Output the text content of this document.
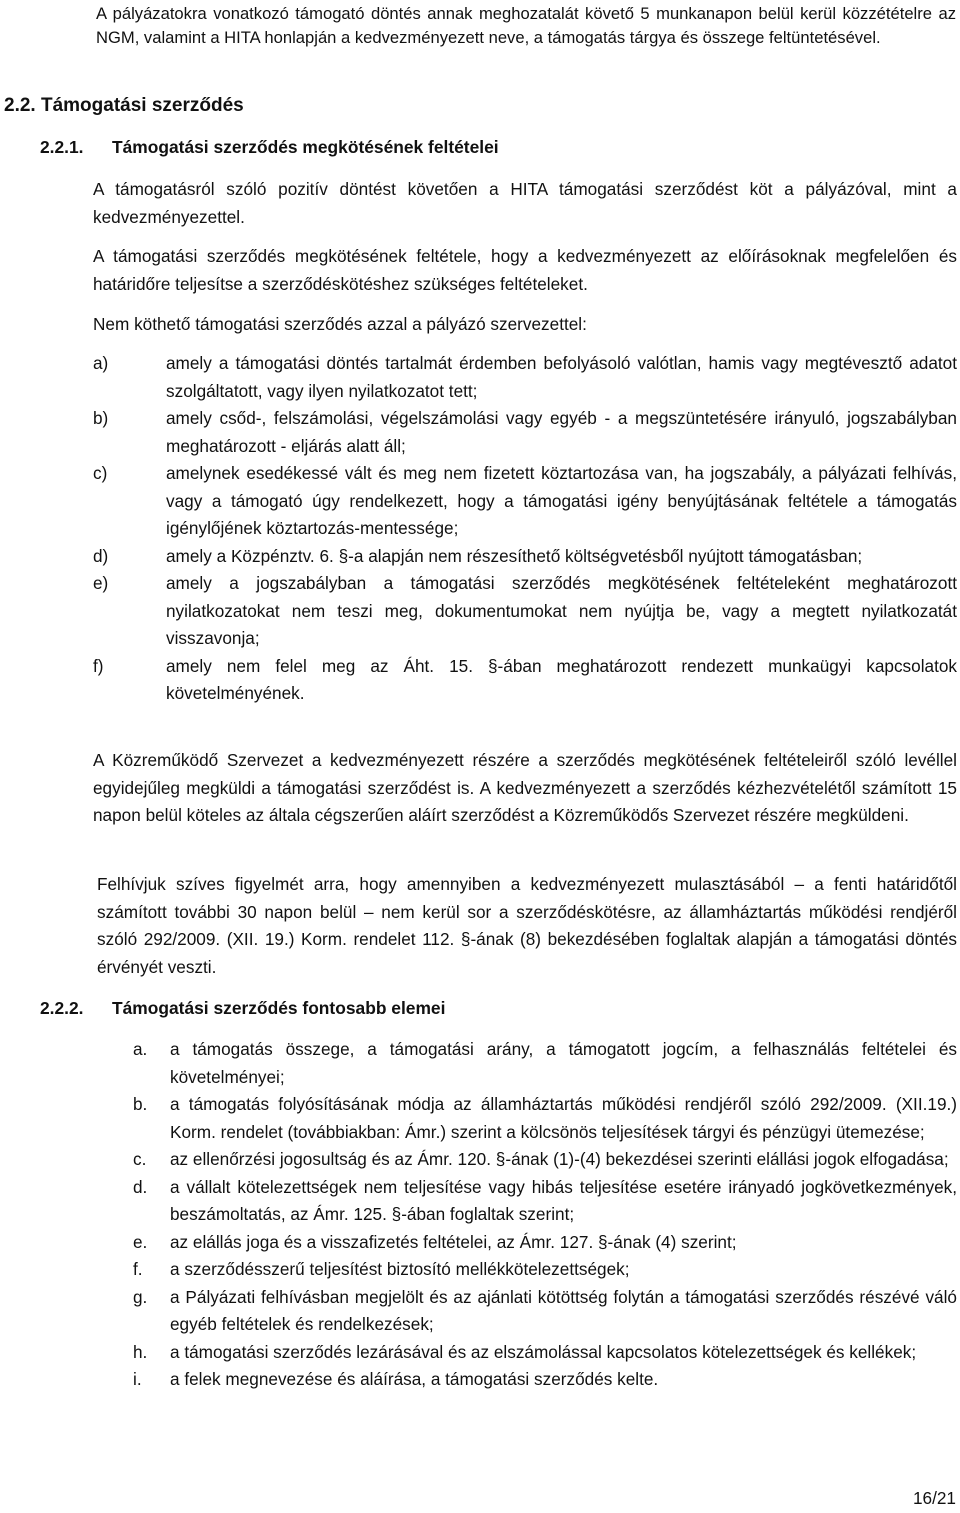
A pályázatokra vonatkozó támogató döntés annak meghozatalát követő 5 munkanapon belül kerül közzétételre az NGM, valamint a HITA honlapján a kedvezményezett neve, a támogatás tárgya és összege feltüntetésével.

2.2. Támogatási szerződés
2.2.1. Támogatási szerződés megkötésének feltételei

A támogatásról szóló pozitív döntést követően a HITA támogatási szerződést köt a pályázóval, mint a kedvezményezettel.

A támogatási szerződés megkötésének feltétele, hogy a kedvezményezett az előírásoknak megfelelően és határidőre teljesítse a szerződéskötéshez szükséges feltételeket.

Nem köthető támogatási szerződés azzal a pályázó szervezettel:

a)	amely a támogatási döntés tartalmát érdemben befolyásoló valótlan, hamis vagy megtévesztő adatot szolgáltatott, vagy ilyen nyilatkozatot tett;
b)	amely csőd-, felszámolási, végelszámolási vagy egyéb - a megszüntetésére irányuló, jogszabályban meghatározott - eljárás alatt áll;
c)	amelynek esedékessé vált és meg nem fizetett köztartozása van, ha jogszabály, a pályázati felhívás, vagy a támogató úgy rendelkezett, hogy a támogatási igény benyújtásának feltétele a támogatás igénylőjének köztartozás-mentessége;
d)	amely a Közpénztv. 6. §-a alapján nem részesíthető költségvetésből nyújtott támogatásban;
e)	amely a jogszabályban a támogatási szerződés megkötésének feltételeként meghatározott nyilatkozatokat nem teszi meg, dokumentumokat nem nyújtja be, vagy a megtett nyilatkozatát visszavonja;
f)	amely nem felel meg az Áht. 15. §-ában meghatározott rendezett munkaügyi kapcsolatok követelményének.

A Közreműködő Szervezet a kedvezményezett részére a szerződés megkötésének feltételeiről szóló levéllel egyidejűleg megküldi a támogatási szerződést is. A kedvezményezett a szerződés kézhezvételétől számított 15 napon belül köteles az általa cégszerűen aláírt szerződést a Közreműködős Szervezet részére megküldeni.

Felhívjuk szíves figyelmét arra, hogy amennyiben a kedvezményezett mulasztásából – a fenti határidőtől számított további 30 napon belül – nem kerül sor a szerződéskötésre, az államháztartás működési rendjéről szóló 292/2009. (XII. 19.) Korm. rendelet 112. §-ának (8) bekezdésében foglaltak alapján a támogatási döntés érvényét veszti.

2.2.2. Támogatási szerződés fontosabb elemei
a. a támogatás összege, a támogatási arány, a támogatott jogcím, a felhasználás feltételei és követelményei;
b. a támogatás folyósításának módja az államháztartás működési rendjéről szóló 292/2009. (XII.19.) Korm. rendelet (továbbiakban: Ámr.) szerint a kölcsönös teljesítések tárgyi és pénzügyi ütemezése;
c. az ellenőrzési jogosultság és az Ámr. 120. §-ának (1)-(4) bekezdései szerinti elállási jogok elfogadása;
d. a vállalt kötelezettségek nem teljesítése vagy hibás teljesítése esetére irányadó jogkövetkezmények, beszámoltatás, az Ámr. 125. §-ában foglaltak szerint;
e. az elállás joga és a visszafizetés feltételei, az Ámr. 127. §-ának (4) szerint;
f. a szerződésszerű teljesítést biztosító mellékkötelezettségek;
g. a Pályázati felhívásban megjelölt és az ajánlati kötöttség folytán a támogatási szerződés részévé váló egyéb feltételek és rendelkezések;
h. a támogatási szerződés lezárásával és az elszámolással kapcsolatos kötelezettségek és kellékek;
i. a felek megnevezése és aláírása, a támogatási szerződés kelte.
16/21
